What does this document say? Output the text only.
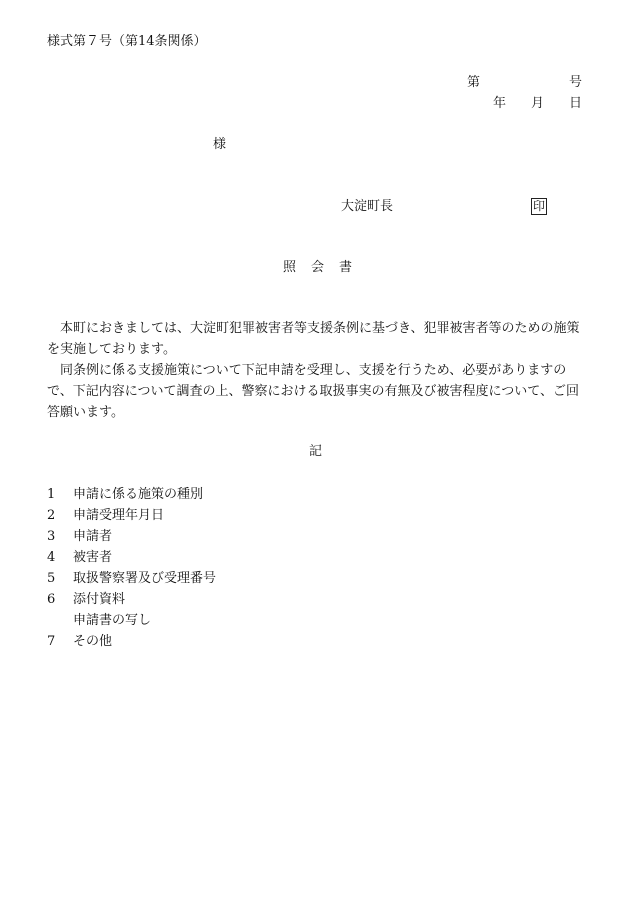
様式第７号（第14条関係）
第	号
年 月 日
様
大淀町長	印
照　会　書

本町におきましては、大淀町犯罪被害者等支援条例に基づき、犯罪被害者等のための施策を実施しております。

同条例に係る支援施策について下記申請を受理し、支援を行うため、必要がありますので、下記内容について調査の上、警察における取扱事実の有無及び被害程度について、ご回答願います。

記
1 申請に係る施策の種別
2 申請受理年月日
3 申請者
4 被害者
5 取扱警察署及び受理番号
6 添付資料
申請書の写し
7 その他
